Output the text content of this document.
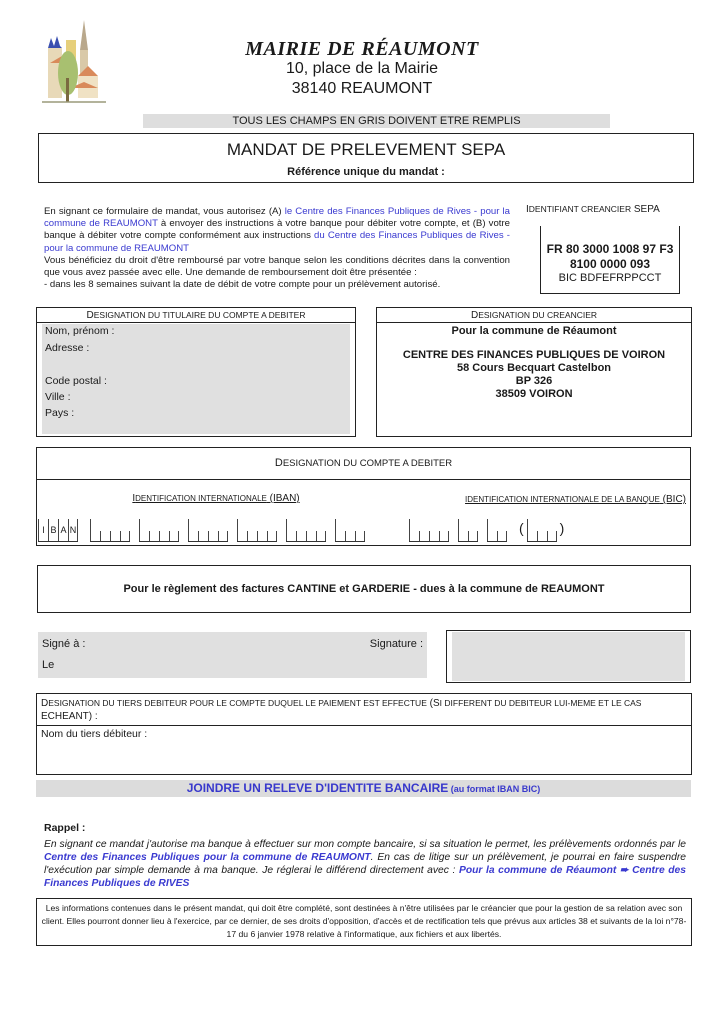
MAIRIE DE RÉAUMONT
10, place de la Mairie
38140 REAUMONT
TOUS LES CHAMPS EN GRIS DOIVENT ETRE REMPLIS
MANDAT DE PRELEVEMENT SEPA
Référence unique du mandat :
En signant ce formulaire de mandat, vous autorisez (A) le Centre des Finances Publiques de Rives - pour la commune de REAUMONT à envoyer des instructions à votre banque pour débiter votre compte, et (B) votre banque à débiter votre compte conformément aux instructions du Centre des Finances Publiques de Rives - pour la commune de REAUMONT
Vous bénéficiez du droit d'être remboursé par votre banque selon les conditions décrites dans la convention que vous avez passée avec elle. Une demande de remboursement doit être présentée :
- dans les 8 semaines suivant la date de débit de votre compte pour un prélèvement autorisé.
IDENTIFIANT CREANCIER SEPA
FR 80 3000 1008 97 F3
8100 0000 093
BIC BDFEFRPPCCT
DESIGNATION DU TITULAIRE DU COMPTE A DEBITER
Nom, prénom :
Adresse :
Code postal :
Ville :
Pays :
DESIGNATION DU CREANCIER
Pour la commune de Réaumont
CENTRE DES FINANCES PUBLIQUES DE VOIRON
58 Cours Becquart Castelbon
BP 326
38509 VOIRON
DESIGNATION DU COMPTE A DEBITER
IDENTIFICATION INTERNATIONALE (IBAN)	IDENTIFICATION INTERNATIONALE DE LA BANQUE (BIC)
I B A N	(	)
Pour le règlement des factures CANTINE et GARDERIE - dues à la commune de REAUMONT
Signé à :
Le
Signature :
DESIGNATION DU TIERS DEBITEUR POUR LE COMPTE DUQUEL LE PAIEMENT EST EFFECTUE (SI DIFFERENT DU DEBITEUR LUI-MEME ET LE CAS ECHEANT) :
Nom du tiers débiteur :
JOINDRE UN RELEVE D'IDENTITE BANCAIRE (au format IBAN BIC)
Rappel :
En signant ce mandat j'autorise ma banque à effectuer sur mon compte bancaire, si sa situation le permet, les prélèvements ordonnés par le Centre des Finances Publiques pour la commune de REAUMONT. En cas de litige sur un prélèvement, je pourrai en faire suspendre l'exécution par simple demande à ma banque. Je réglerai le différend directement avec : Pour la commune de Réaumont ➨ Centre des Finances Publiques de RIVES
Les informations contenues dans le présent mandat, qui doit être complété, sont destinées à n'être utilisées par le créancier que pour la gestion de sa relation avec son client. Elles pourront donner lieu à l'exercice, par ce dernier, de ses droits d'opposition, d'accès et de rectification tels que prévus aux articles 38 et suivants de la loi n°78-17 du 6 janvier 1978 relative à l'informatique, aux fichiers et aux libertés.
